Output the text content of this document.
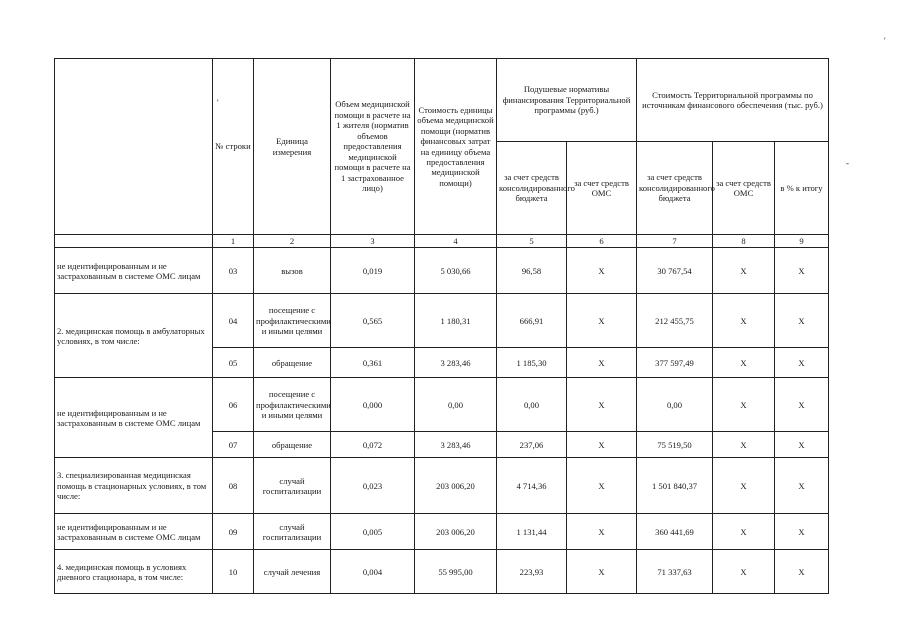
'
-
'
	№ строки	Единица измерения	Объем медицинской помощи в расчете на 1 жителя (норматив объемов предоставления медицинской помощи в расчете на 1 застрахованное лицо)	Стоимость единицы объема медицинской помощи (норматив финансовых затрат на единицу объема предоставления медицинской помощи)	Подушевые нормативы финансирования Территориальной программы (руб.)		Стоимость Территориальной программы по источникам финансового обеспечения (тыс. руб.)		
					за счет средств консолидированного бюджета	за счет средств ОМС	за счет средств консолидированного бюджета	за счет средств ОМС	в % к итогу
	1	2	3	4	5	6	7	8	9
не идентифицированным и не застрахованным в системе ОМС лицам	03	вызов	0,019	5 030,66	96,58	X	30 767,54	X	X
2. медицинская помощь в амбулаторных условиях, в том числе:	04	посещение с профилактическими и иными целями	0,565	1 180,31	666,91	X	212 455,75	X	X
	05	обращение	0,361	3 283,46	1 185,30	X	377 597,49	X	X
не идентифицированным и не застрахованным в системе ОМС лицам	06	посещение с профилактическими и иными целями	0,000	0,00	0,00	X	0,00	X	X
	07	обращение	0,072	3 283,46	237,06	X	75 519,50	X	X
3. специализированная медицинская помощь в стационарных условиях, в том числе:	08	случай госпитализации	0,023	203 006,20	4 714,36	X	1 501 840,37	X	X
не идентифицированным и не застрахованным в системе ОМС лицам	09	случай госпитализации	0,005	203 006,20	1 131,44	X	360 441,69	X	X
4. медицинская помощь в условиях дневного стационара, в том числе:	10	случай лечения	0,004	55 995,00	223,93	X	71 337,63	X	X
